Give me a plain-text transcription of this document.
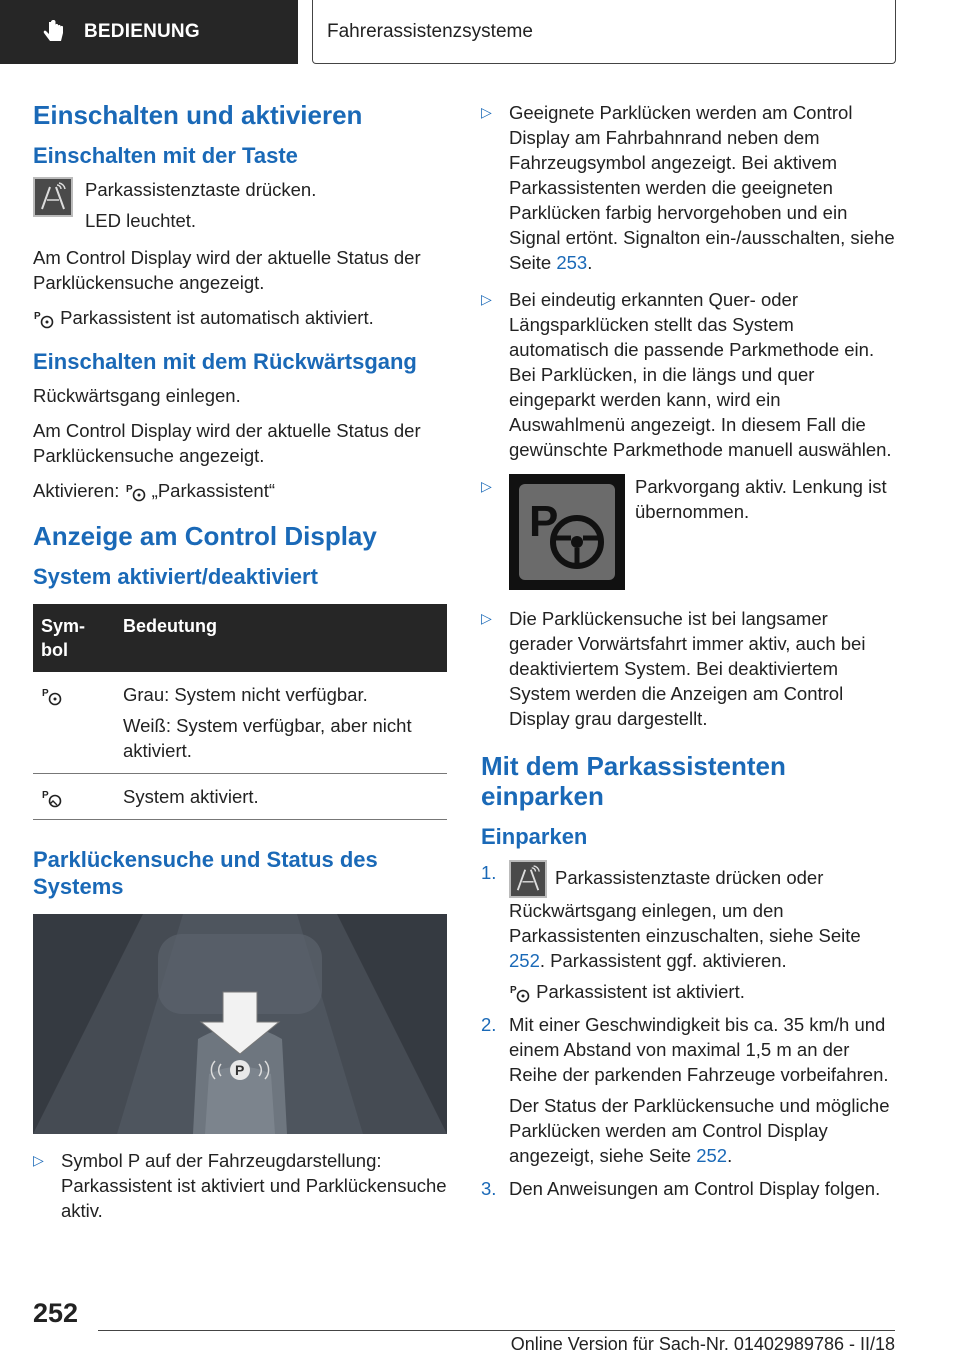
BEDIENUNG	Fahrerassistenzsysteme
Einschalten und aktivieren
Einschalten mit der Taste

Parkassistenztaste drücken.

LED leuchtet.

Am Control Display wird der aktuelle Status der Parklückensuche angezeigt.

P Parkassistent ist automatisch aktiviert.

Einschalten mit dem Rückwärtsgang

Rückwärtsgang einlegen.

Am Control Display wird der aktuelle Status der Parklückensuche angezeigt.

Aktivieren: P „Parkassistent“

Anzeige am Control Display
System aktiviert/deaktiviert
Sym-
bol	Bedeutung

P	Grau: System nicht verfügbar.

Weiß: System verfügbar, aber nicht aktiviert.

P	System aktiviert.

Parklückensuche und Status des Systems
P
▷ Symbol P auf der Fahrzeugdarstellung: Parkassistent ist aktiviert und Parklückensuche aktiv.

▷ Geeignete Parklücken werden am Control Display am Fahrbahnrand neben dem Fahrzeugsymbol angezeigt. Bei aktivem Parkassistenten werden die geeigneten Parklücken farbig hervorgehoben und ein Signal ertönt. Signalton ein-/ausschalten, siehe Seite 253.

▷ Bei eindeutig erkannten Quer- oder Längsparklücken stellt das System automatisch die passende Parkmethode ein. Bei Parklücken, in die längs und quer eingeparkt werden kann, wird ein Auswahlmenü angezeigt. In diesem Fall die gewünschte Parkmethode manuell auswählen.

▷
P

Parkvorgang aktiv. Lenkung ist übernommen.

▷ Die Parklückensuche ist bei langsamer gerader Vorwärtsfahrt immer aktiv, auch bei deaktiviertem System. Bei deaktiviertem System werden die Anzeigen am Control Display grau dargestellt.

Mit dem Parkassistenten einparken
Einparken
1.	Parkassistenztaste drücken oder Rückwärtsgang einlegen, um den Parkassistenten einzuschalten, siehe Seite 252. Parkassistent ggf. aktivieren.

P Parkassistent ist aktiviert.

2. Mit einer Geschwindigkeit bis ca. 35 km/h und einem Abstand von maximal 1,5 m an der Reihe der parkenden Fahrzeuge vorbeifahren.

Der Status der Parklückensuche und mögliche Parklücken werden am Control Display angezeigt, siehe Seite 252.

3. Den Anweisungen am Control Display folgen.

252
Online Version für Sach-Nr. 01402989786 - II/18
